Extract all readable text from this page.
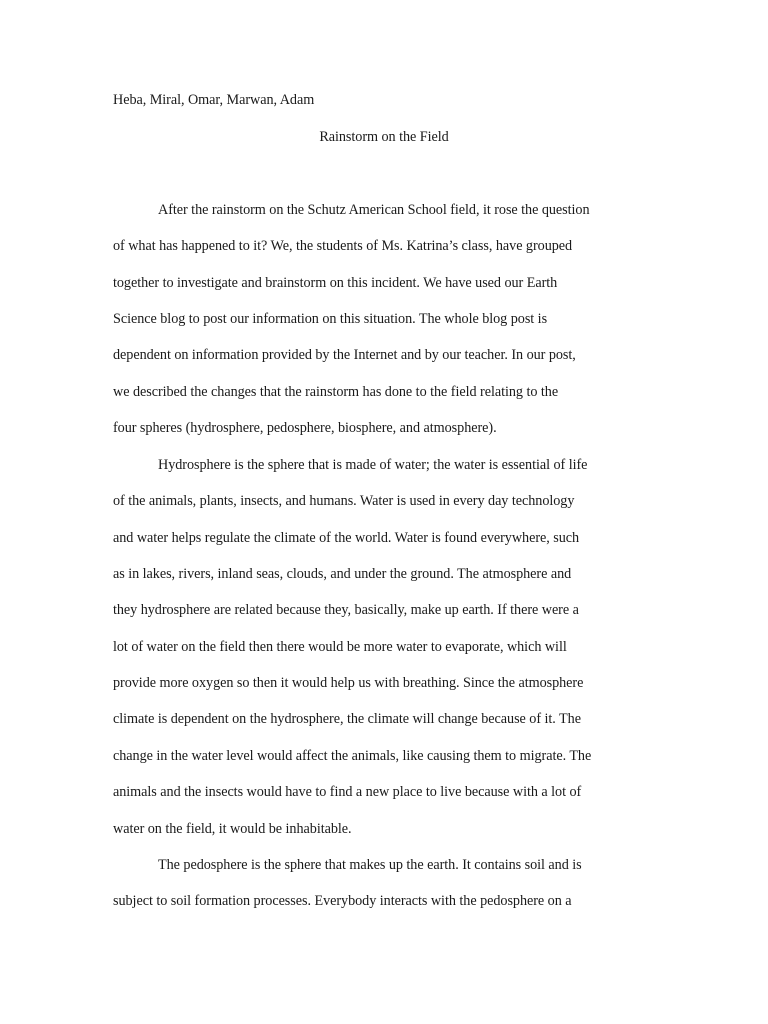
Heba, Miral, Omar, Marwan, Adam
Rainstorm on the Field
After the rainstorm on the Schutz American School field, it rose the question
of what has happened to it? We, the students of Ms. Katrina’s class, have grouped
together to investigate and brainstorm on this incident. We have used our Earth
Science blog to post our information on this situation. The whole blog post is
dependent on information provided by the Internet and by our teacher. In our post,
we described the changes that the rainstorm has done to the field relating to the
four spheres (hydrosphere, pedosphere, biosphere, and atmosphere).
Hydrosphere is the sphere that is made of water; the water is essential of life
of the animals, plants, insects, and humans. Water is used in every day technology
and water helps regulate the climate of the world. Water is found everywhere, such
as in lakes, rivers, inland seas, clouds, and under the ground. The atmosphere and
they hydrosphere are related because they, basically, make up earth. If there were a
lot of water on the field then there would be more water to evaporate, which will
provide more oxygen so then it would help us with breathing. Since the atmosphere
climate is dependent on the hydrosphere, the climate will change because of it. The
change in the water level would affect the animals, like causing them to migrate. The
animals and the insects would have to find a new place to live because with a lot of
water on the field, it would be inhabitable.
The pedosphere is the sphere that makes up the earth. It contains soil and is
subject to soil formation processes. Everybody interacts with the pedosphere on a
